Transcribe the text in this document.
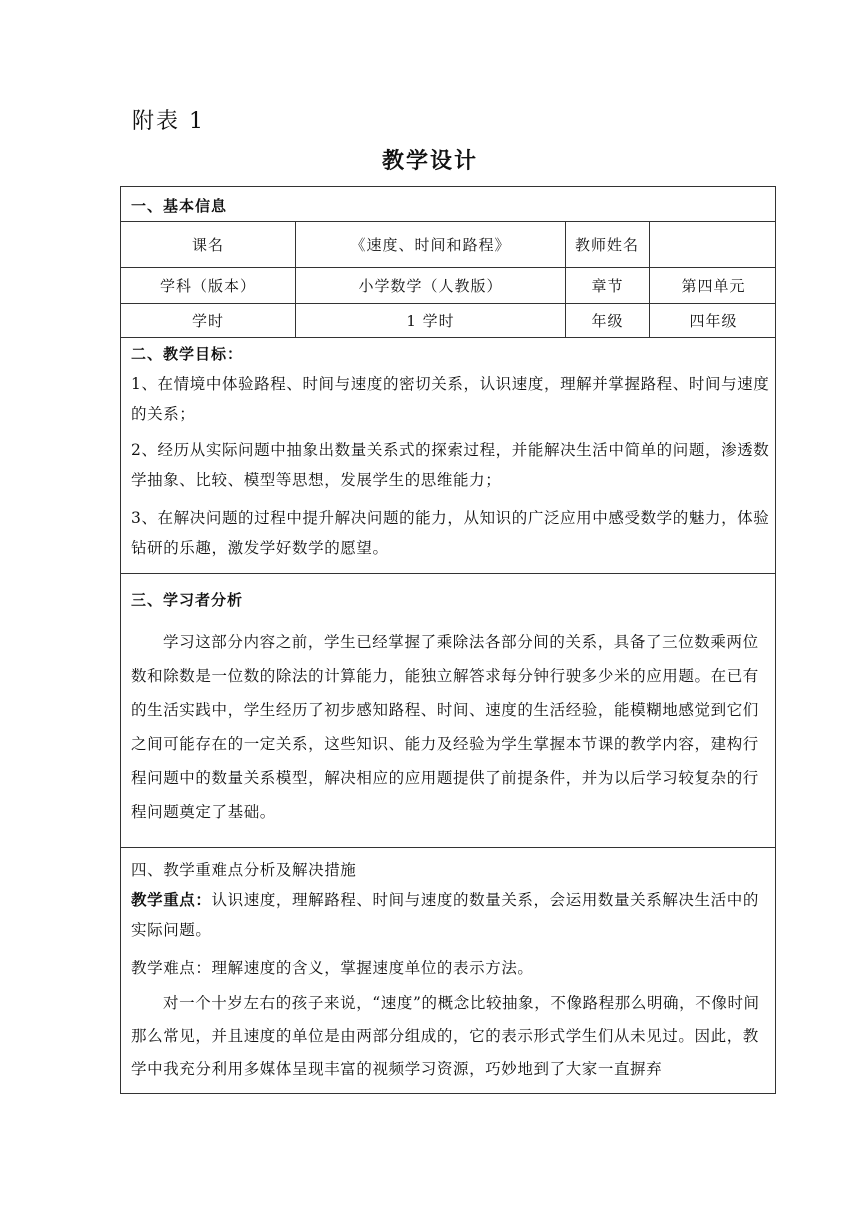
附表 1
教学设计
一、基本信息
课名	《速度、时间和路程》	教师姓名
学科（版本）	小学数学（人教版）	章节	第四单元
学时	1 学时	年级	四年级
二、教学目标：
1、在情境中体验路程、时间与速度的密切关系，认识速度，理解并掌握路程、时间与速度的关系；
2、经历从实际问题中抽象出数量关系式的探索过程，并能解决生活中简单的问题，渗透数学抽象、比较、模型等思想，发展学生的思维能力；
3、在解决问题的过程中提升解决问题的能力，从知识的广泛应用中感受数学的魅力，体验钻研的乐趣，激发学好数学的愿望。
三、学习者分析
学习这部分内容之前，学生已经掌握了乘除法各部分间的关系，具备了三位数乘两位数和除数是一位数的除法的计算能力，能独立解答求每分钟行驶多少米的应用题。在已有的生活实践中，学生经历了初步感知路程、时间、速度的生活经验，能模糊地感觉到它们之间可能存在的一定关系，这些知识、能力及经验为学生掌握本节课的教学内容，建构行程问题中的数量关系模型，解决相应的应用题提供了前提条件，并为以后学习较复杂的行程问题奠定了基础。
四、教学重难点分析及解决措施
教学重点：认识速度，理解路程、时间与速度的数量关系，会运用数量关系解决生活中的实际问题。
教学难点：理解速度的含义，掌握速度单位的表示方法。
对一个十岁左右的孩子来说，“速度”的概念比较抽象，不像路程那么明确，不像时间那么常见，并且速度的单位是由两部分组成的，它的表示形式学生们从未见过。因此，教学中我充分利用多媒体呈现丰富的视频学习资源，巧妙地到了大家一直摒弃
